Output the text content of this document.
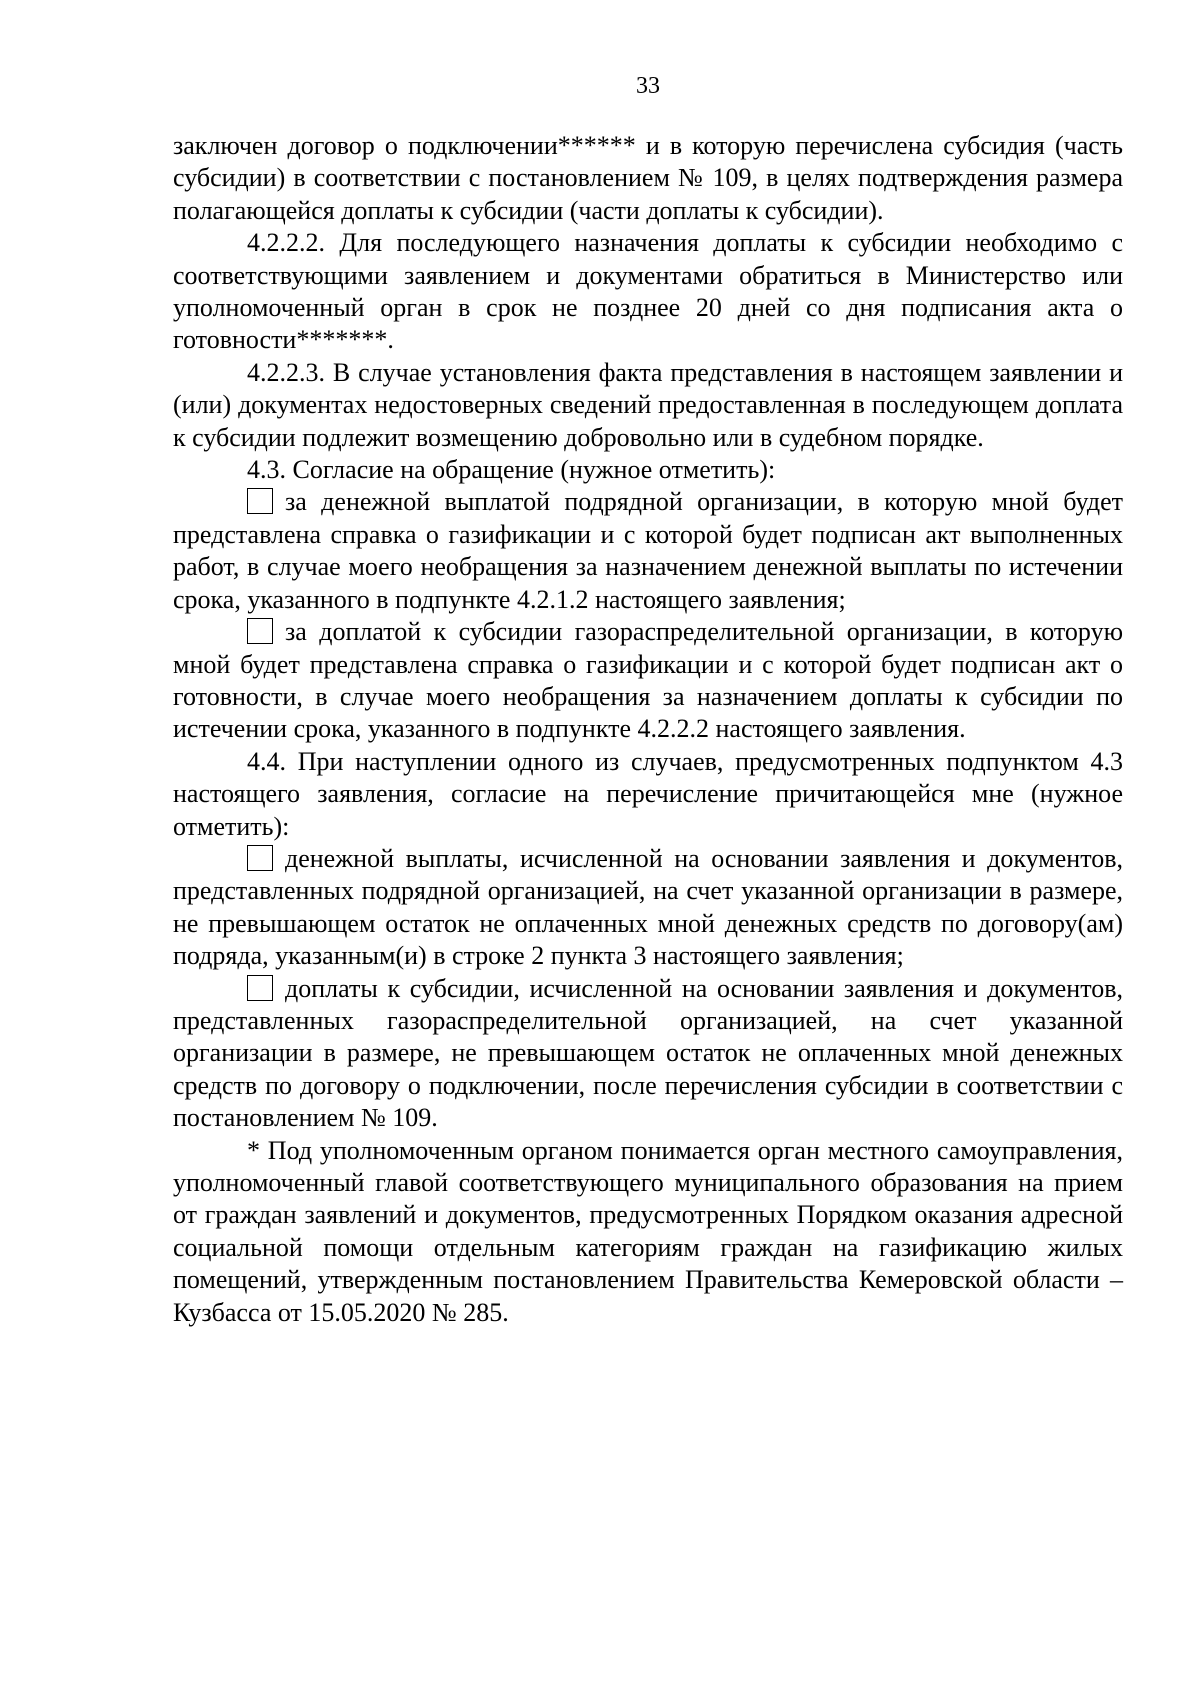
33

заключен договор о подключении****** и в которую перечислена субсидия (часть субсидии) в соответствии с постановлением № 109, в целях подтверждения размера полагающейся доплаты к субсидии (части доплаты к субсидии).

4.2.2.2. Для последующего назначения доплаты к субсидии необходимо с соответствующими заявлением и документами обратиться в Министерство или уполномоченный орган в срок не позднее 20 дней со дня подписания акта о готовности*******.

4.2.2.3. В случае установления факта представления в настоящем заявлении и (или) документах недостоверных сведений предоставленная в последующем доплата к субсидии подлежит возмещению добровольно или в судебном порядке.

4.3. Согласие на обращение (нужное отметить):

за денежной выплатой подрядной организации, в которую мной будет представлена справка о газификации и с которой будет подписан акт выполненных работ, в случае моего необращения за назначением денежной выплаты по истечении срока, указанного в подпункте 4.2.1.2 настоящего заявления;

за доплатой к субсидии газораспределительной организации, в которую мной будет представлена справка о газификации и с которой будет подписан акт о готовности, в случае моего необращения за назначением доплаты к субсидии по истечении срока, указанного в подпункте 4.2.2.2 настоящего заявления.

4.4. При наступлении одного из случаев, предусмотренных подпунктом 4.3 настоящего заявления, согласие на перечисление причитающейся мне (нужное отметить):

денежной выплаты, исчисленной на основании заявления и документов, представленных подрядной организацией, на счет указанной организации в размере, не превышающем остаток не оплаченных мной денежных средств по договору(ам) подряда, указанным(и) в строке 2 пункта 3 настоящего заявления;

доплаты к субсидии, исчисленной на основании заявления и документов, представленных газораспределительной организацией, на счет указанной организации в размере, не превышающем остаток не оплаченных мной денежных средств по договору о подключении, после перечисления субсидии в соответствии с постановлением № 109.

* Под уполномоченным органом понимается орган местного самоуправления, уполномоченный главой соответствующего муниципального образования на прием от граждан заявлений и документов, предусмотренных Порядком оказания адресной социальной помощи отдельным категориям граждан на газификацию жилых помещений, утвержденным постановлением Правительства Кемеровской области – Кузбасса от 15.05.2020 № 285.
